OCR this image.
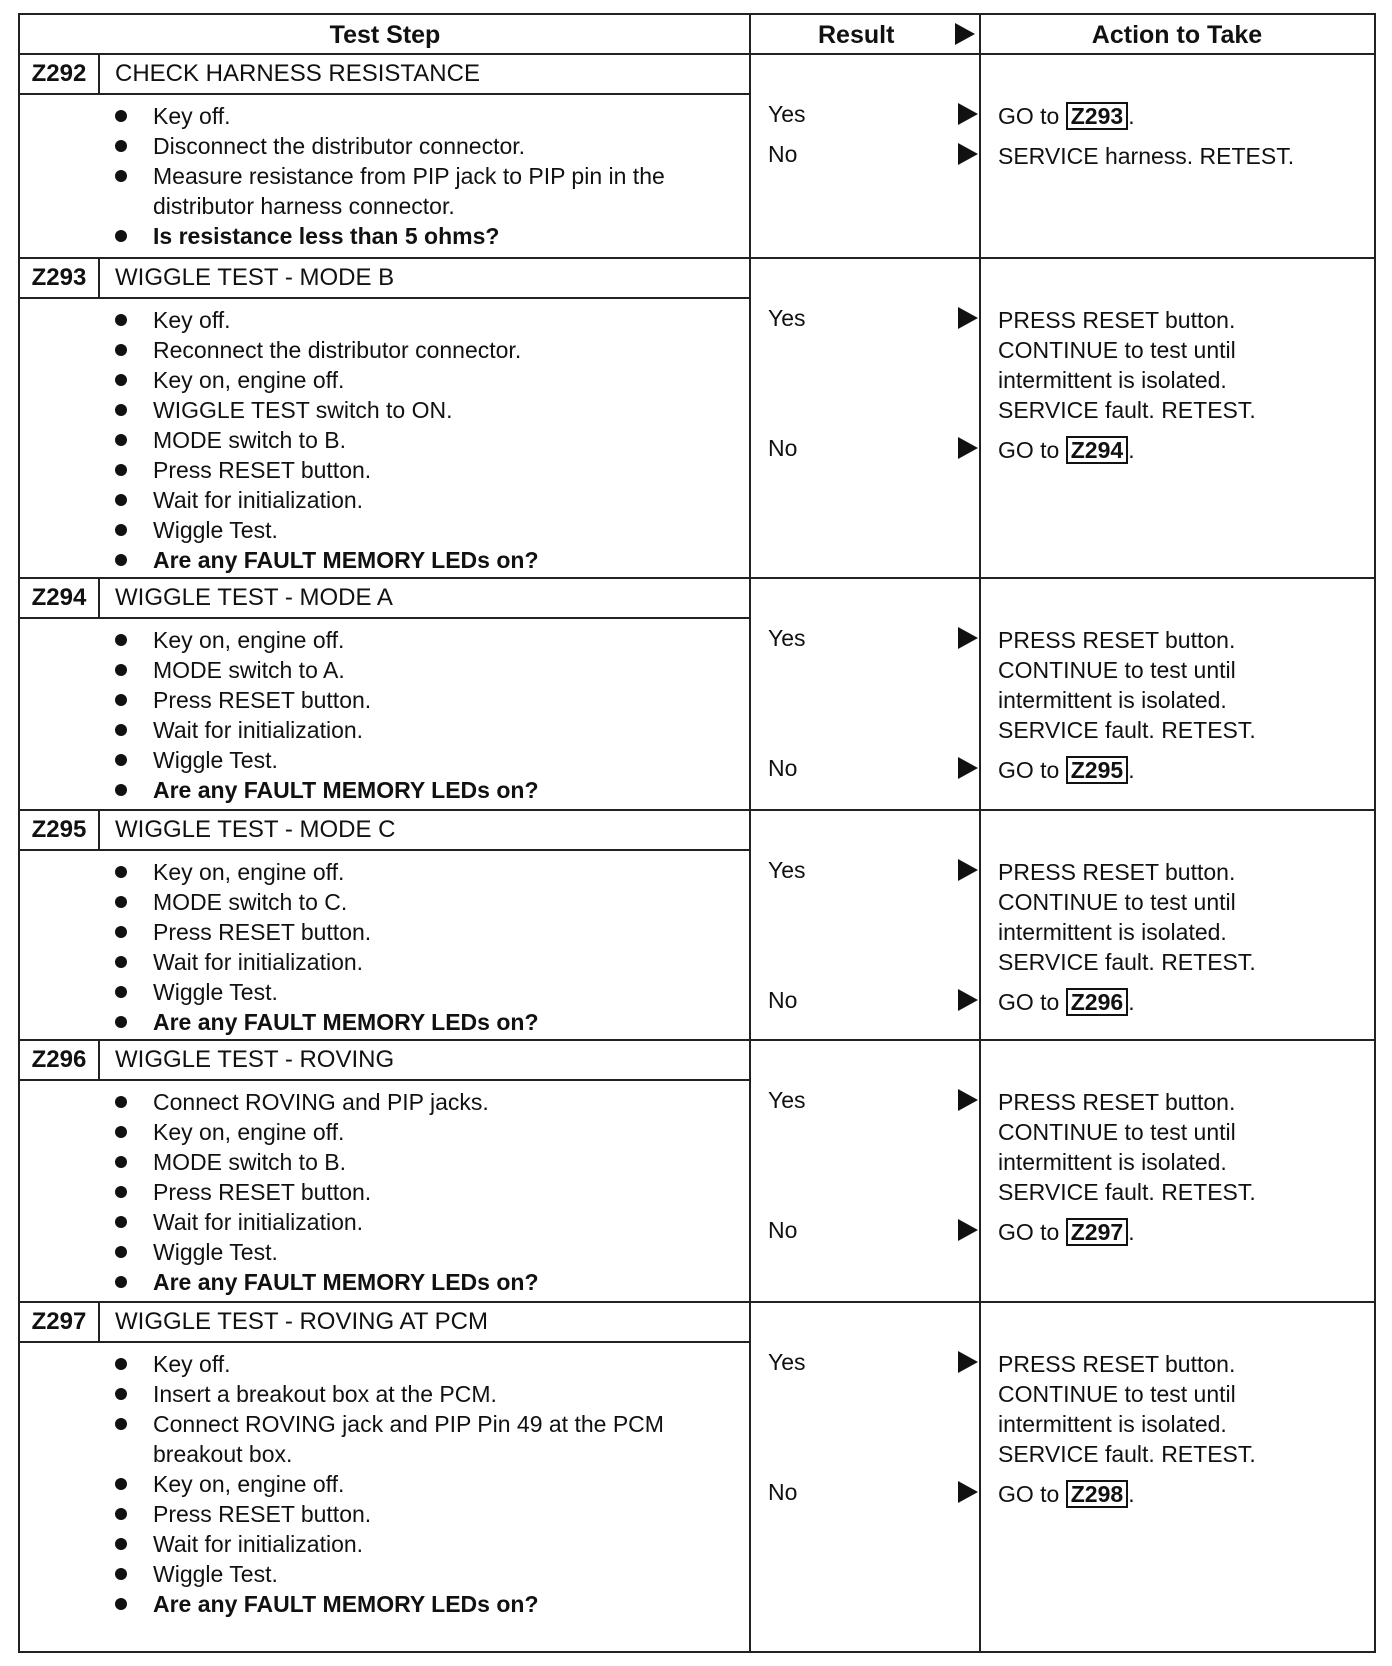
Test Step	Result	Action to Take
Z292	CHECK HARNESS RESISTANCE
Key off.
Disconnect the distributor connector.
Measure resistance from PIP jack to PIP pin in the distributor harness connector.
Is resistance less than 5 ohms?
Yes	GO to Z293 .
No	SERVICE harness. RETEST.
Z293	WIGGLE TEST - MODE B
Key off.
Reconnect the distributor connector.
Key on, engine off.
WIGGLE TEST switch to ON.
MODE switch to B.
Press RESET button.
Wait for initialization.
Wiggle Test.
Are any FAULT MEMORY LEDs on?
Yes	PRESS RESET button.
CONTINUE to test until
intermittent is isolated.
SERVICE fault. RETEST.
No	GO to Z294 .
Z294	WIGGLE TEST - MODE A
Key on, engine off.
MODE switch to A.
Press RESET button.
Wait for initialization.
Wiggle Test.
Are any FAULT MEMORY LEDs on?
Yes	PRESS RESET button.
CONTINUE to test until
intermittent is isolated.
SERVICE fault. RETEST.
No	GO to Z295 .
Z295	WIGGLE TEST - MODE C
Key on, engine off.
MODE switch to C.
Press RESET button.
Wait for initialization.
Wiggle Test.
Are any FAULT MEMORY LEDs on?
Yes	PRESS RESET button.
CONTINUE to test until
intermittent is isolated.
SERVICE fault. RETEST.
No	GO to Z296 .
Z296	WIGGLE TEST - ROVING
Connect ROVING and PIP jacks.
Key on, engine off.
MODE switch to B.
Press RESET button.
Wait for initialization.
Wiggle Test.
Are any FAULT MEMORY LEDs on?
Yes	PRESS RESET button.
CONTINUE to test until
intermittent is isolated.
SERVICE fault. RETEST.
No	GO to Z297 .
Z297	WIGGLE TEST - ROVING AT PCM
Key off.
Insert a breakout box at the PCM.
Connect ROVING jack and PIP Pin 49 at the PCM breakout box.
Key on, engine off.
Press RESET button.
Wait for initialization.
Wiggle Test.
Are any FAULT MEMORY LEDs on?
Yes	PRESS RESET button.
CONTINUE to test until
intermittent is isolated.
SERVICE fault. RETEST.
No	GO to Z298 .
